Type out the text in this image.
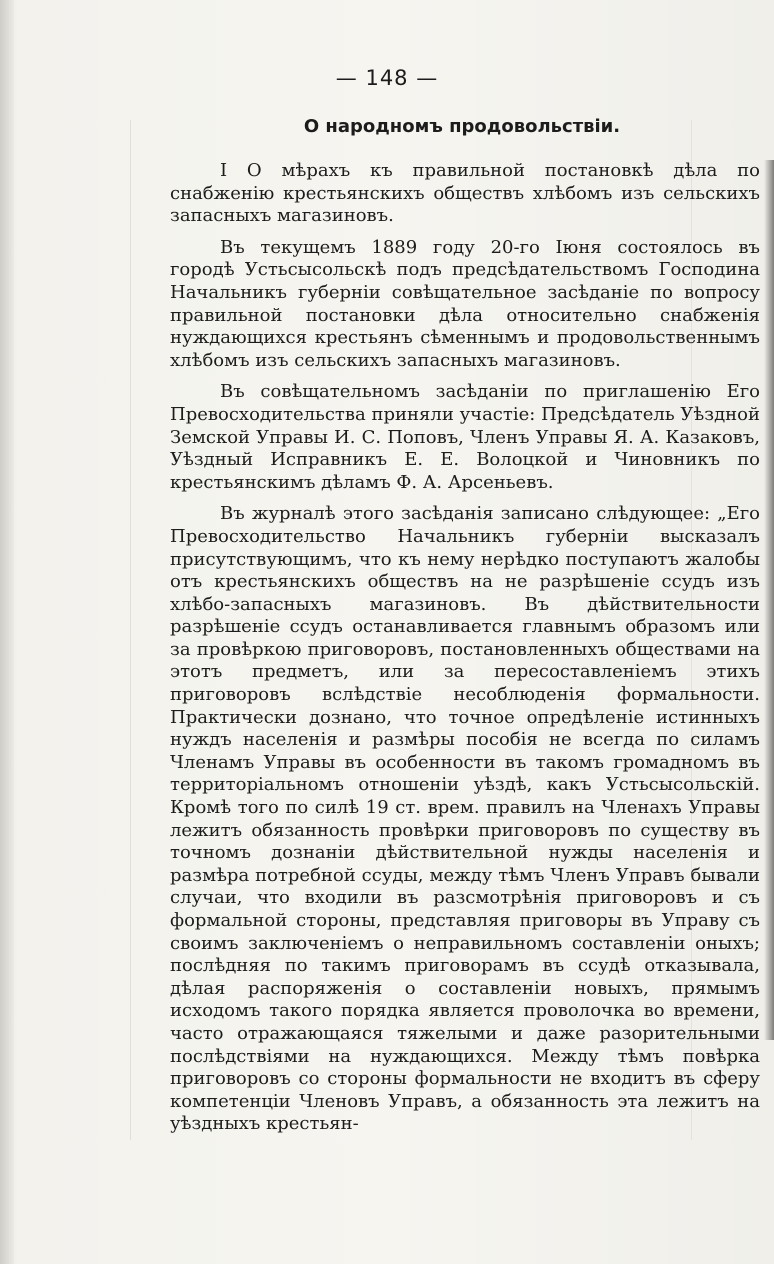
— 148 —
О народномъ продовольствіи.

I О мѣрахъ къ правильной постановкѣ дѣла по снабженію крестьянскихъ обществъ хлѣбомъ изъ сельскихъ запасныхъ магазиновъ.

Въ текущемъ 1889 году 20-го Іюня состоялось въ городѣ Устьсысольскѣ подъ предсѣдательствомъ Господина Начальникъ губерніи совѣщательное засѣданіе по вопросу правильной постановки дѣла относительно снабженія нуждающихся крестьянъ сѣменнымъ и продовольственнымъ хлѣбомъ изъ сельскихъ запасныхъ магазиновъ.

Въ совѣщательномъ засѣданіи по приглашенію Его Превосходительства приняли участіе: Предсѣдатель Уѣздной Земской Управы И. С. Поповъ, Членъ Управы Я. А. Казаковъ, Уѣздный Исправникъ Е. Е. Волоцкой и Чиновникъ по крестьянскимъ дѣламъ Ф. А. Арсеньевъ.

Въ журналѣ этого засѣданія записано слѣдующее: „Его Превосходительство Начальникъ губерніи высказалъ присутствующимъ, что къ нему нерѣдко поступаютъ жалобы отъ крестьянскихъ обществъ на не разрѣшеніе ссудъ изъ хлѣбо-запасныхъ магазиновъ. Въ дѣйствительности разрѣшеніе ссудъ останавливается главнымъ образомъ или за провѣркою приговоровъ, постановленныхъ обществами на этотъ предметъ, или за пересоставленіемъ этихъ приговоровъ вслѣдствіе несоблюденія формальности. Практически дознано, что точное опредѣленіе истинныхъ нуждъ населенія и размѣры пособія не всегда по силамъ Членамъ Управы въ особенности въ такомъ громадномъ въ территоріальномъ отношеніи уѣздѣ, какъ Устьсысольскій. Кромѣ того по силѣ 19 ст. врем. правилъ на Членахъ Управы лежитъ обязанность провѣрки приговоровъ по существу въ точномъ дознаніи дѣйствительной нужды населенія и размѣра потребной ссуды, между тѣмъ Членъ Управъ бывали случаи, что входили въ разсмотрѣнія приговоровъ и съ формальной стороны, представляя приговоры въ Управу съ своимъ заключеніемъ о неправильномъ составленіи оныхъ; послѣдняя по такимъ приговорамъ въ ссудѣ отказывала, дѣлая распоряженія о составленіи новыхъ, прямымъ исходомъ такого порядка является проволочка во времени, часто отражающаяся тяжелыми и даже разорительными послѣдствіями на нуждающихся. Между тѣмъ повѣрка приговоровъ со стороны формальности не входитъ въ сферу компетенціи Членовъ Управъ, а обязанность эта лежитъ на уѣздныхъ крестьян-
